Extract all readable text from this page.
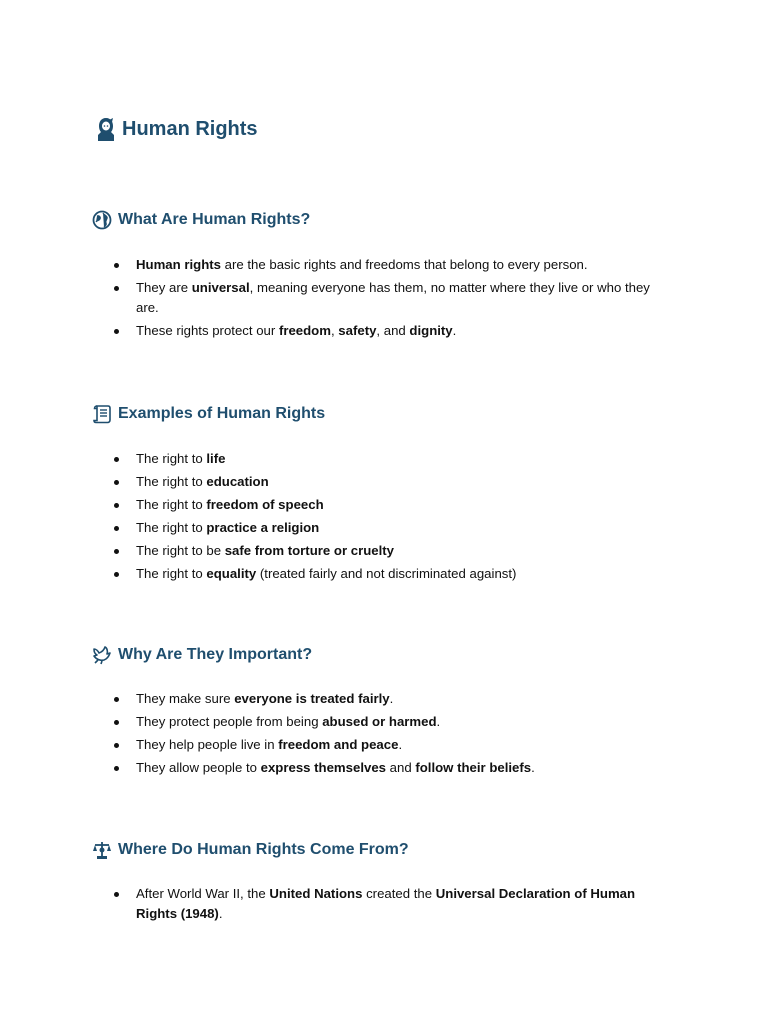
Human Rights
What Are Human Rights?
Human rights are the basic rights and freedoms that belong to every person.
They are universal, meaning everyone has them, no matter where they live or who they are.
These rights protect our freedom, safety, and dignity.
Examples of Human Rights
The right to life
The right to education
The right to freedom of speech
The right to practice a religion
The right to be safe from torture or cruelty
The right to equality (treated fairly and not discriminated against)
Why Are They Important?
They make sure everyone is treated fairly.
They protect people from being abused or harmed.
They help people live in freedom and peace.
They allow people to express themselves and follow their beliefs.
Where Do Human Rights Come From?
After World War II, the United Nations created the Universal Declaration of Human Rights (1948).
